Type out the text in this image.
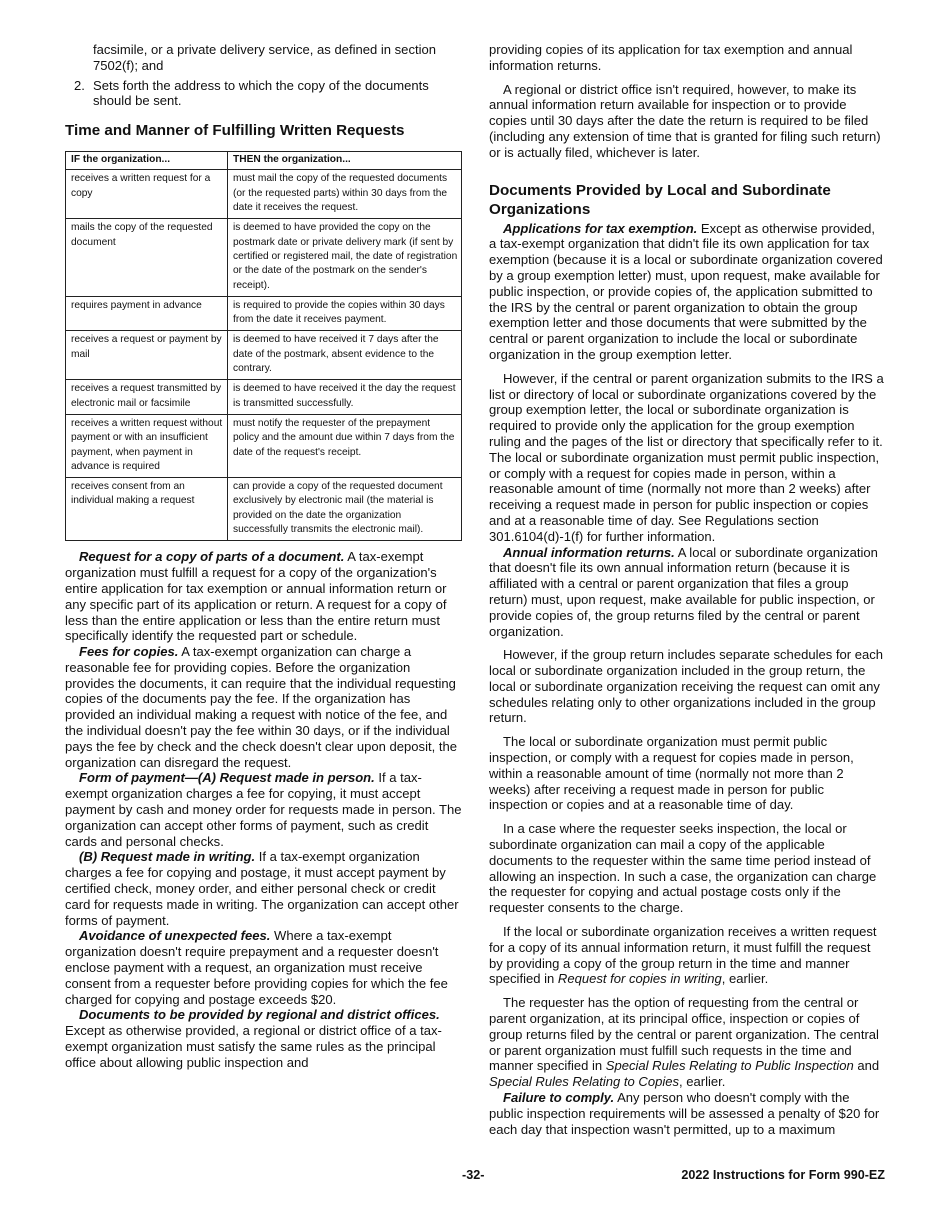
facsimile, or a private delivery service, as defined in section 7502(f); and

2. Sets forth the address to which the copy of the documents should be sent.
Time and Manner of Fulfilling Written Requests
IF the organization...	THEN the organization...
receives a written request for a copy	must mail the copy of the requested documents (or the requested parts) within 30 days from the date it receives the request.
mails the copy of the requested document	is deemed to have provided the copy on the postmark date or private delivery mark (if sent by certified or registered mail, the date of registration or the date of the postmark on the sender's receipt).
requires payment in advance	is required to provide the copies within 30 days from the date it receives payment.
receives a request or payment by mail	is deemed to have received it 7 days after the date of the postmark, absent evidence to the contrary.
receives a request transmitted by electronic mail or facsimile	is deemed to have received it the day the request is transmitted successfully.
receives a written request without payment or with an insufficient payment, when payment in advance is required	must notify the requester of the prepayment policy and the amount due within 7 days from the date of the request's receipt.
receives consent from an individual making a request	can provide a copy of the requested document exclusively by electronic mail (the material is provided on the date the organization successfully transmits the electronic mail).

Request for a copy of parts of a document. A tax-exempt organization must fulfill a request for a copy of the organization's entire application for tax exemption or annual information return or any specific part of its application or return. A request for a copy of less than the entire application or less than the entire return must specifically identify the requested part or schedule.

Fees for copies. A tax-exempt organization can charge a reasonable fee for providing copies. Before the organization provides the documents, it can require that the individual requesting copies of the documents pay the fee. If the organization has provided an individual making a request with notice of the fee, and the individual doesn't pay the fee within 30 days, or if the individual pays the fee by check and the check doesn't clear upon deposit, the organization can disregard the request.

Form of payment—(A) Request made in person. If a tax-exempt organization charges a fee for copying, it must accept payment by cash and money order for requests made in person. The organization can accept other forms of payment, such as credit cards and personal checks.

(B) Request made in writing. If a tax-exempt organization charges a fee for copying and postage, it must accept payment by certified check, money order, and either personal check or credit card for requests made in writing. The organization can accept other forms of payment.

Avoidance of unexpected fees. Where a tax-exempt organization doesn't require prepayment and a requester doesn't enclose payment with a request, an organization must receive consent from a requester before providing copies for which the fee charged for copying and postage exceeds $20.

Documents to be provided by regional and district offices. Except as otherwise provided, a regional or district office of a tax-exempt organization must satisfy the same rules as the principal office about allowing public inspection and

providing copies of its application for tax exemption and annual information returns.

A regional or district office isn't required, however, to make its annual information return available for inspection or to provide copies until 30 days after the date the return is required to be filed (including any extension of time that is granted for filing such return) or is actually filed, whichever is later.

Documents Provided by Local and Subordinate Organizations

Applications for tax exemption. Except as otherwise provided, a tax-exempt organization that didn't file its own application for tax exemption (because it is a local or subordinate organization covered by a group exemption letter) must, upon request, make available for public inspection, or provide copies of, the application submitted to the IRS by the central or parent organization to obtain the group exemption letter and those documents that were submitted by the central or parent organization to include the local or subordinate organization in the group exemption letter.

However, if the central or parent organization submits to the IRS a list or directory of local or subordinate organizations covered by the group exemption letter, the local or subordinate organization is required to provide only the application for the group exemption ruling and the pages of the list or directory that specifically refer to it. The local or subordinate organization must permit public inspection, or comply with a request for copies made in person, within a reasonable amount of time (normally not more than 2 weeks) after receiving a request made in person for public inspection or copies and at a reasonable time of day. See Regulations section 301.6104(d)-1(f) for further information.

Annual information returns. A local or subordinate organization that doesn't file its own annual information return (because it is affiliated with a central or parent organization that files a group return) must, upon request, make available for public inspection, or provide copies of, the group returns filed by the central or parent organization.

However, if the group return includes separate schedules for each local or subordinate organization included in the group return, the local or subordinate organization receiving the request can omit any schedules relating only to other organizations included in the group return.

The local or subordinate organization must permit public inspection, or comply with a request for copies made in person, within a reasonable amount of time (normally not more than 2 weeks) after receiving a request made in person for public inspection or copies and at a reasonable time of day.

In a case where the requester seeks inspection, the local or subordinate organization can mail a copy of the applicable documents to the requester within the same time period instead of allowing an inspection. In such a case, the organization can charge the requester for copying and actual postage costs only if the requester consents to the charge.

If the local or subordinate organization receives a written request for a copy of its annual information return, it must fulfill the request by providing a copy of the group return in the time and manner specified in Request for copies in writing, earlier.

The requester has the option of requesting from the central or parent organization, at its principal office, inspection or copies of group returns filed by the central or parent organization. The central or parent organization must fulfill such requests in the time and manner specified in Special Rules Relating to Public Inspection and Special Rules Relating to Copies, earlier.

Failure to comply. Any person who doesn't comply with the public inspection requirements will be assessed a penalty of $20 for each day that inspection wasn't permitted, up to a maximum

-32-	2022 Instructions for Form 990-EZ
